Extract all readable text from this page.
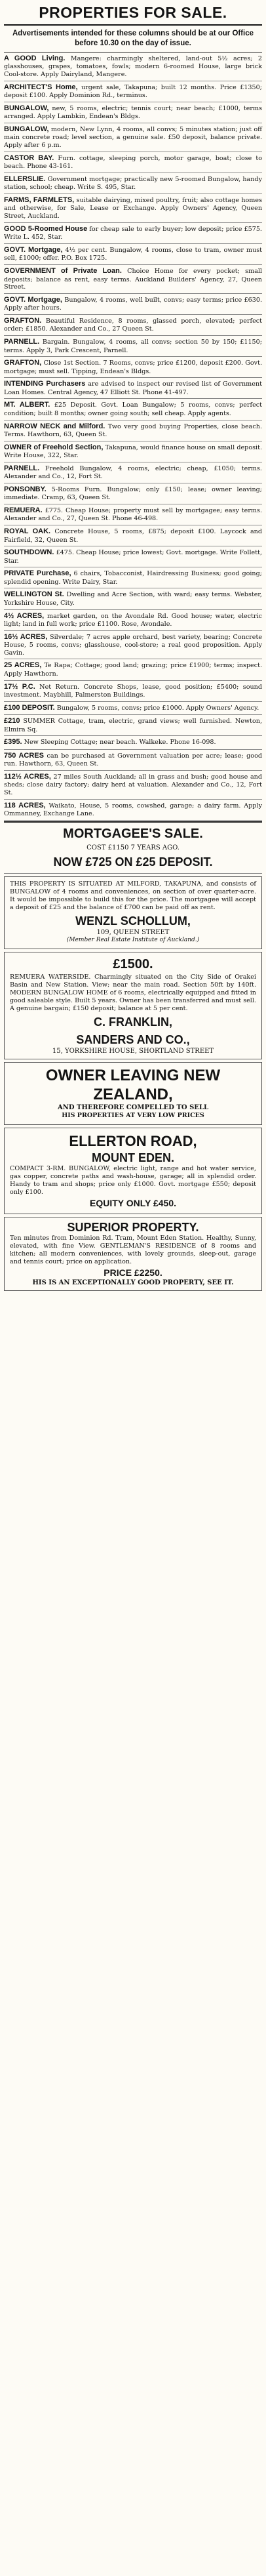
PROPERTIES FOR SALE.
Advertisements intended for these columns should be at our Office before 10.30 on the day of issue.
A GOOD Living. Mangere: charmingly sheltered, land-out 5½ acres; 2 glasshouses, grapes, tomatoes, fowls; modern 6-roomed House, large brick Cool-store. Apply Dairyland, Mangere.
ARCHITECT'S Home, urgent sale, Takapuna; built 12 months. Price £1350; deposit £100. Apply Dominion Rd., terminus.
BUNGALOW, new, 5 rooms, electric; tennis court; near beach; £1000, terms arranged. Apply Lambkin, Endean's Bldgs.
BUNGALOW, modern, New Lynn, 4 rooms, all convs; 5 minutes station; just off main concrete road; level section, a genuine sale. £50 deposit, balance private. Apply after 6 p.m.
CASTOR BAY. Furn. cottage, sleeping porch, motor garage, boat; close to beach. Phone 43-161.
ELLERSLIE. Government mortgage; practically new 5-roomed Bungalow, handy station, school; cheap. Write S. 495, Star.
FARMS, FARMLETS, suitable dairying, mixed poultry, fruit; also cottage homes and otherwise, for Sale, Lease or Exchange. Apply Owners' Agency, Queen Street, Auckland.
GOOD 5-Roomed House for cheap sale to early buyer; low deposit; price £575. Write L. 452, Star.
GOVT. Mortgage, 4½ per cent. Bungalow, 4 rooms, close to tram, owner must sell, £1000; offer. P.O. Box 1725.
GOVERNMENT of Private Loan. Choice Home for every pocket; small deposits; balance as rent, easy terms. Auckland Builders' Agency, 27, Queen Street.
GOVT. Mortgage, Bungalow, 4 rooms, well built, convs; easy terms; price £630. Apply after hours.
GRAFTON. Beautiful Residence, 8 rooms, glassed porch, elevated; perfect order; £1850. Alexander and Co., 27 Queen St.
PARNELL. Bargain. Bungalow, 4 rooms, all convs; section 50 by 150; £1150; terms. Apply 3, Park Crescent, Parnell.
GRAFTON, Close 1st Section. 7 Rooms, convs; price £1200, deposit £200. Govt. mortgage; must sell. Tipping, Endean's Bldgs.
INTENDING Purchasers are advised to inspect our revised list of Government Loan Homes. Central Agency, 47 Elliott St. Phone 41-497.
MT. ALBERT. £25 Deposit. Govt. Loan Bungalow; 5 rooms, convs; perfect condition; built 8 months; owner going south; sell cheap. Apply agents.
NARROW NECK and Milford. Two very good buying Properties, close beach. Terms. Hawthorn, 63, Queen St.
OWNER of Freehold Section, Takapuna, would finance house on small deposit. Write House, 322, Star.
PARNELL. Freehold Bungalow, 4 rooms, electric; cheap, £1050; terms. Alexander and Co., 12, Fort St.
PONSONBY. 5-Rooms Furn. Bungalow; only £150; lease; owner leaving; immediate. Cramp, 63, Queen St.
REMUERA. £775. Cheap House; property must sell by mortgagee; easy terms. Alexander and Co., 27, Queen St. Phone 46-498.
ROYAL OAK. Concrete House, 5 rooms, £875; deposit £100. Laycock and Fairfield, 32, Queen St.
SOUTHDOWN. £475. Cheap House; price lowest; Govt. mortgage. Write Follett, Star.
PRIVATE Purchase, 6 chairs, Tobacconist, Hairdressing Business; good going; splendid opening. Write Dairy, Star.
WELLINGTON St. Dwelling and Acre Section, with ward; easy terms. Webster, Yorkshire House, City.
4½ ACRES, market garden, on the Avondale Rd. Good house; water, electric light; land in full work; price £1100. Rose, Avondale.
16½ ACRES, Silverdale; 7 acres apple orchard, best variety, bearing; Concrete House, 5 rooms, convs; glasshouse, cool-store; a real good proposition. Apply Gavin.
25 ACRES, Te Rapa; Cottage; good land; grazing; price £1900; terms; inspect. Apply Hawthorn.
17½ P.C. Net Return. Concrete Shops, lease, good position; £5400; sound investment. Maybhill, Palmerston Buildings.
£100 DEPOSIT. Bungalow, 5 rooms, convs; price £1000. Apply Owners' Agency.
£210 SUMMER Cottage, tram, electric, grand views; well furnished. Newton, Elmira Sq.
£395. New Sleeping Cottage; near beach. Walkeke. Phone 16-098.
750 ACRES can be purchased at Government valuation per acre; lease; good run. Hawthorn, 63, Queen St.
112½ ACRES, 27 miles South Auckland; all in grass and bush; good house and sheds; close dairy factory; dairy herd at valuation. Alexander and Co., 12, Fort St.
118 ACRES, Waikato, House, 5 rooms, cowshed, garage; a dairy farm. Apply Ommanney, Exchange Lane.
MORTGAGEE'S SALE.
COST £1150 7 YEARS AGO.
NOW £725 ON £25 DEPOSIT.

THIS PROPERTY IS SITUATED AT MILFORD, TAKAPUNA, and consists of BUNGALOW of 4 rooms and conveniences, on section of over quarter-acre. It would be impossible to build this for the price. The mortgagee will accept a deposit of £25 and the balance of £700 can be paid off as rent.

WENZL SCHOLLUM,
109, QUEEN STREET
(Member Real Estate Institute of Auckland.)
£1500.

REMUERA WATERSIDE. Charmingly situated on the City Side of Orakei Basin and New Station. View; near the main road. Section 50ft by 140ft. MODERN BUNGALOW HOME of 6 rooms, electrically equipped and fitted in good saleable style. Built 5 years. Owner has been transferred and must sell. A genuine bargain; £150 deposit; balance at 5 per cent.

C. FRANKLIN,
SANDERS AND CO.,
15, YORKSHIRE HOUSE, SHORTLAND STREET
OWNER LEAVING NEW
ZEALAND,
AND THEREFORE COMPELLED TO SELL
HIS PROPERTIES AT VERY LOW PRICES
ELLERTON ROAD,
MOUNT EDEN.

COMPACT 3-RM. BUNGALOW, electric light, range and hot water service, gas copper, concrete paths and wash-house, garage; all in splendid order. Handy to tram and shops; price only £1000. Govt. mortgage £550; deposit only £100.

EQUITY ONLY £450.
SUPERIOR PROPERTY.

Ten minutes from Dominion Rd. Tram, Mount Eden Station. Healthy, Sunny, elevated, with fine View. GENTLEMAN'S RESIDENCE of 8 rooms and kitchen; all modern conveniences, with lovely grounds, sleep-out, garage and tennis court; price on application.

PRICE £2250.
HIS IS AN EXCEPTIONALLY GOOD PROPERTY, SEE IT.
